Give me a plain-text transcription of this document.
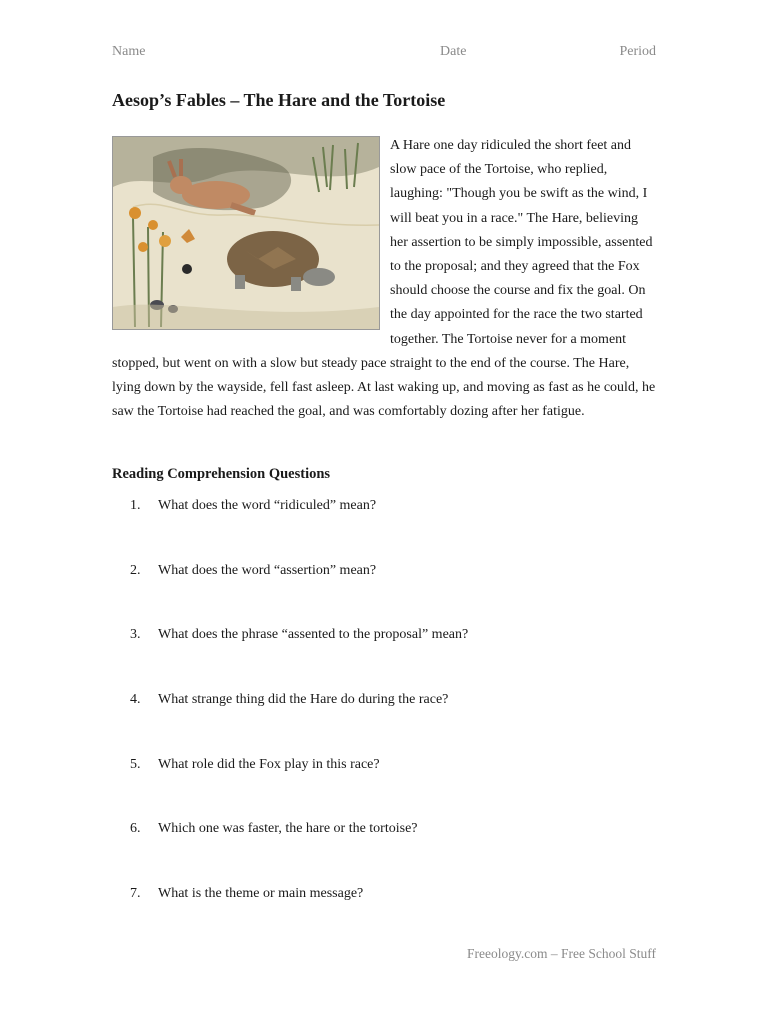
Name	Date	Period
Aesop’s Fables – The Hare and the Tortoise

A Hare one day ridiculed the short feet and slow pace of the Tortoise, who replied, laughing: "Though you be swift as the wind, I will beat you in a race." The Hare, believing her assertion to be simply impossible, assented to the proposal; and they agreed that the Fox should choose the course and fix the goal. On the day appointed for the race the two started together. The Tortoise never for a moment stopped, but went on with a slow but steady pace straight to the end of the course. The Hare, lying down by the wayside, fell fast asleep. At last waking up, and moving as fast as he could, he saw the Tortoise had reached the goal, and was comfortably dozing after her fatigue.

Reading Comprehension Questions
1.	What does the word “ridiculed” mean?
2.	What does the word “assertion” mean?
3.	What does the phrase “assented to the proposal” mean?
4.	What strange thing did the Hare do during the race?
5.	What role did the Fox play in this race?
6.	Which one was faster, the hare or the tortoise?
7.	What is the theme or main message?
Freeology.com – Free School Stuff
